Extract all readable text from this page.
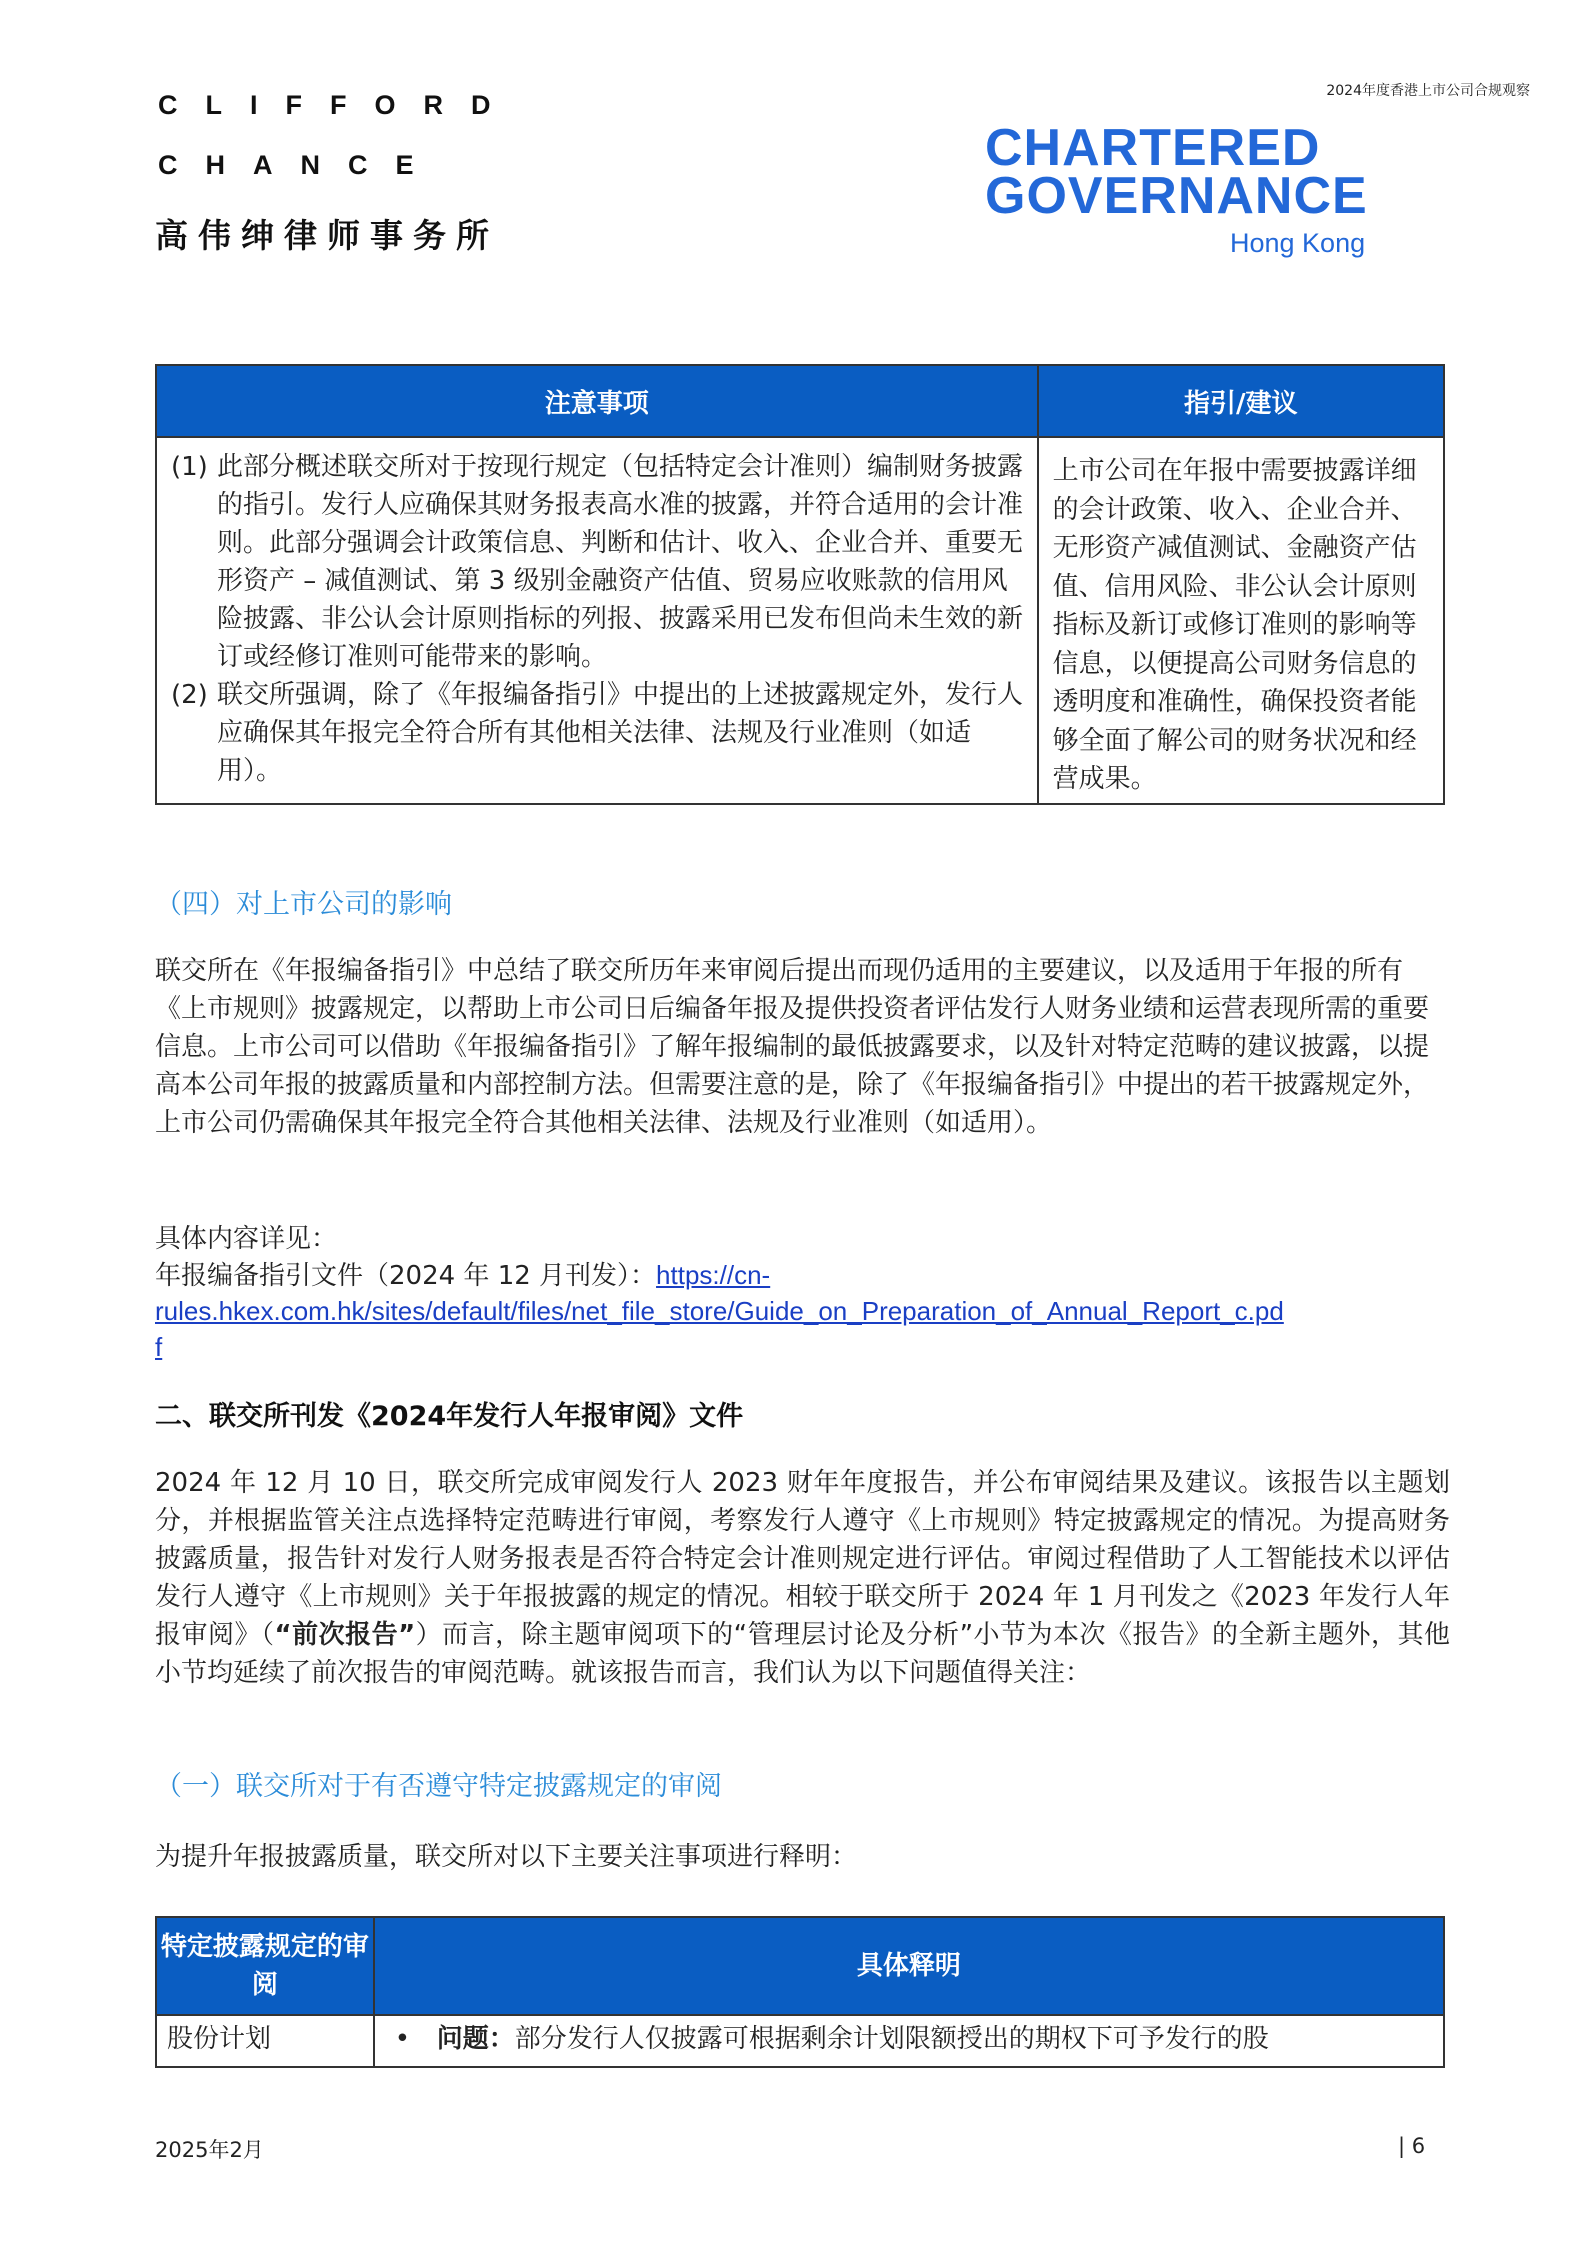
2024年度香港上市公司合规观察
CLIFFORD
CHANCE
高伟绅律师事务所
CHARTERED
GOVERNANCE
Hong Kong
注意事项	指引/建议

(1) 此部分概述联交所对于按现行规定（包括特定会计准则）编制财务披露的指引。发行人应确保其财务报表高水准的披露，并符合适用的会计准则。此部分强调会计政策信息、判断和估计、收入、企业合并、重要无形资产 – 减值测试、第 3 级别金融资产估值、贸易应收账款的信用风险披露、非公认会计原则指标的列报、披露采用已发布但尚未生效的新订或经修订准则可能带来的影响。
(2) 联交所强调，除了《年报编备指引》中提出的上述披露规定外，发行人应确保其年报完全符合所有其他相关法律、法规及行业准则（如适用）。	上市公司在年报中需要披露详细的会计政策、收入、企业合并、无形资产减值测试、金融资产估值、信用风险、非公认会计原则指标及新订或修订准则的影响等信息，以便提高公司财务信息的透明度和准确性，确保投资者能够全面了解公司的财务状况和经营成果。
（四）对上市公司的影响
联交所在《年报编备指引》中总结了联交所历年来审阅后提出而现仍适用的主要建议，以及适用于年报的所有《上市规则》披露规定，以帮助上市公司日后编备年报及提供投资者评估发行人财务业绩和运营表现所需的重要信息。上市公司可以借助《年报编备指引》了解年报编制的最低披露要求，以及针对特定范畴的建议披露，以提高本公司年报的披露质量和内部控制方法。但需要注意的是，除了《年报编备指引》中提出的若干披露规定外，上市公司仍需确保其年报完全符合其他相关法律、法规及行业准则（如适用）。
具体内容详见：
年报编备指引文件（2024 年 12 月刊发）：https://cn-
rules.hkex.com.hk/sites/default/files/net_file_store/Guide_on_Preparation_of_Annual_Report_c.pd
f
二、联交所刊发《2024年发行人年报审阅》文件
2024 年 12 月 10 日，联交所完成审阅发行人 2023 财年年度报告，并公布审阅结果及建议。该报告以主题划分，并根据监管关注点选择特定范畴进行审阅，考察发行人遵守《上市规则》特定披露规定的情况。为提高财务披露质量，报告针对发行人财务报表是否符合特定会计准则规定进行评估。审阅过程借助了人工智能技术以评估发行人遵守《上市规则》关于年报披露的规定的情况。相较于联交所于 2024 年 1 月刊发之《2023 年发行人年报审阅》（“前次报告”）而言，除主题审阅项下的“管理层讨论及分析”小节为本次《报告》的全新主题外，其他小节均延续了前次报告的审阅范畴。就该报告而言，我们认为以下问题值得关注：
（一）联交所对于有否遵守特定披露规定的审阅
为提升年报披露质量，联交所对以下主要关注事项进行释明：
特定披露规定的审阅	具体释明
股份计划	• 问题：部分发行人仅披露可根据剩余计划限额授出的期权下可予发行的股
2025年2月	| 6
